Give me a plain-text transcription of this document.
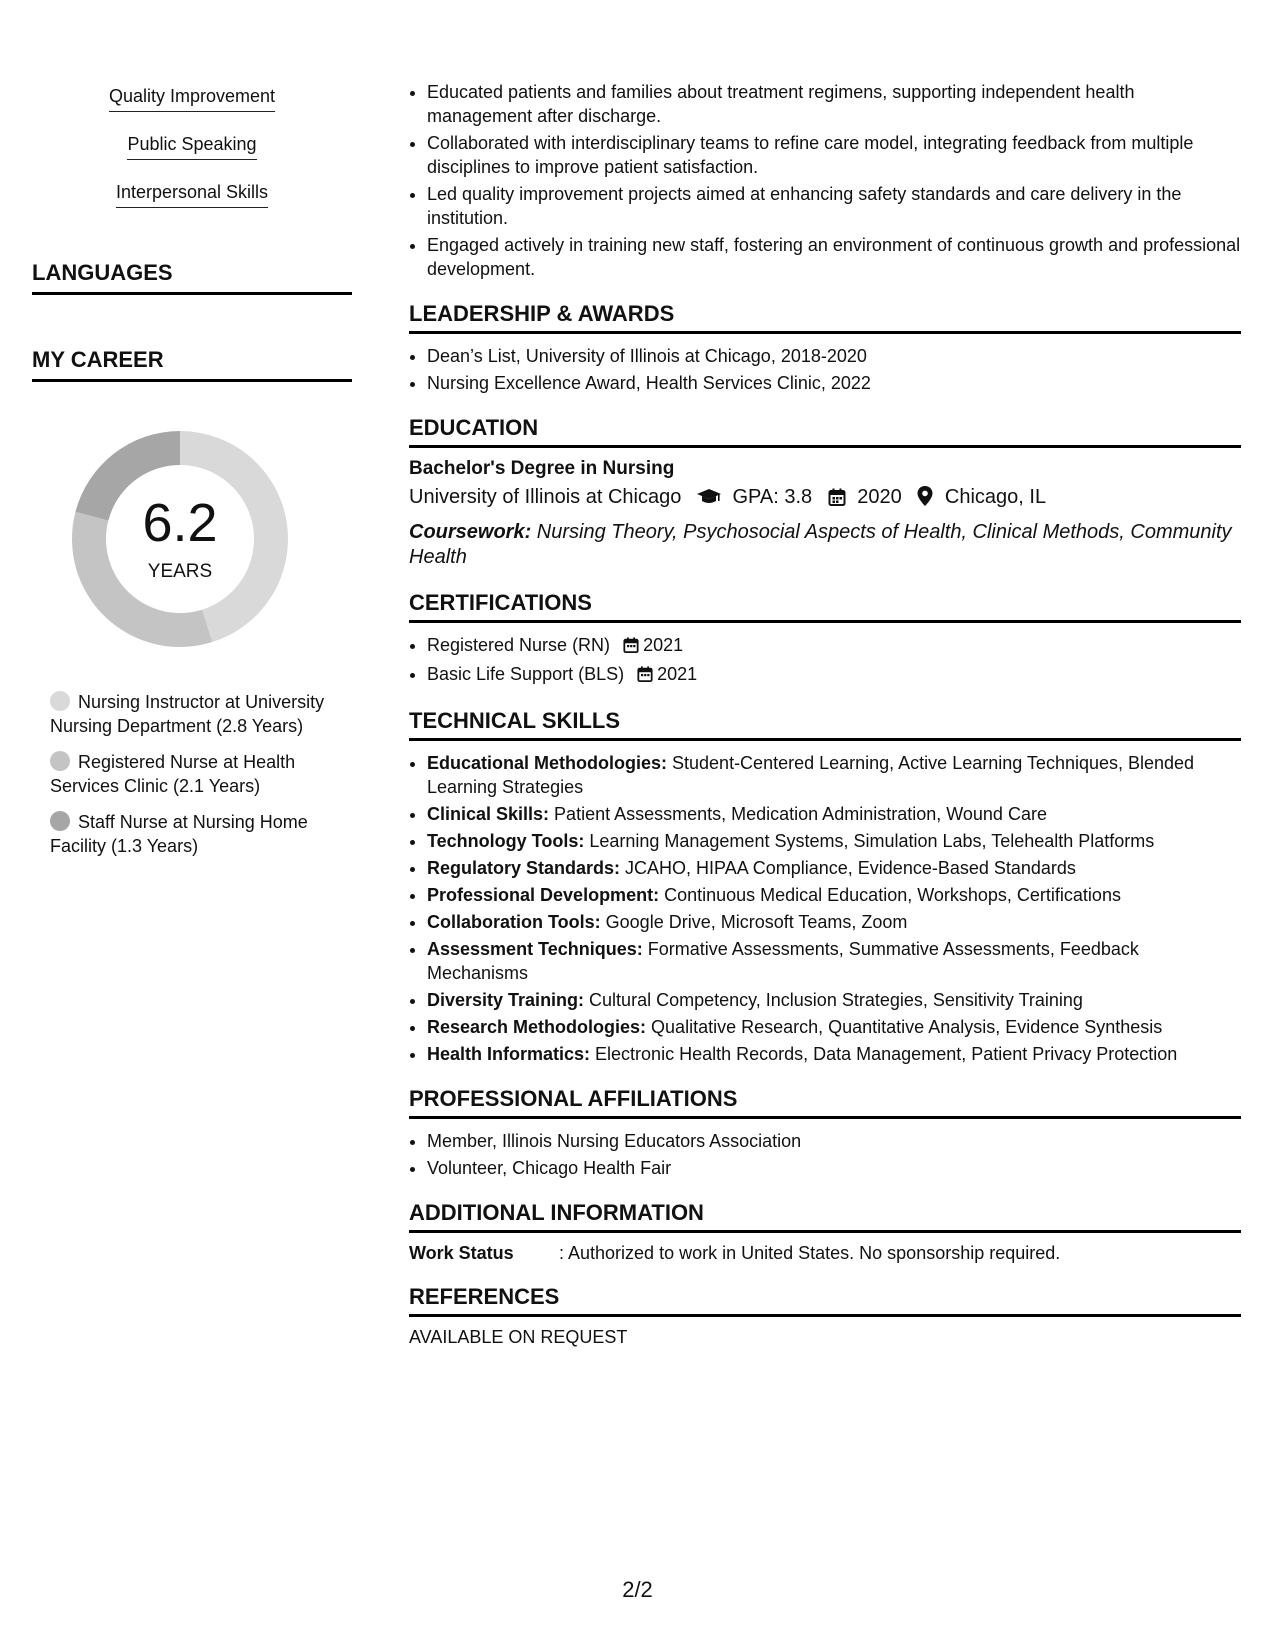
Quality Improvement
Public Speaking
Interpersonal Skills
LANGUAGES
MY CAREER
6.2
YEARS
Nursing Instructor at University Nursing Department (2.8 Years)
Registered Nurse at Health Services Clinic (2.1 Years)
Staff Nurse at Nursing Home Facility (1.3 Years)
• Educated patients and families about treatment regimens, supporting independent health management after discharge.
• Collaborated with interdisciplinary teams to refine care model, integrating feedback from multiple disciplines to improve patient satisfaction.
• Led quality improvement projects aimed at enhancing safety standards and care delivery in the institution.
• Engaged actively in training new staff, fostering an environment of continuous growth and professional development.
LEADERSHIP & AWARDS
• Dean’s List, University of Illinois at Chicago, 2018-2020
• Nursing Excellence Award, Health Services Clinic, 2022
EDUCATION
Bachelor's Degree in Nursing
University of Illinois at Chicago	GPA: 3.8 2020 Chicago, IL
Coursework: Nursing Theory, Psychosocial Aspects of Health, Clinical Methods, Community Health
CERTIFICATIONS
• Registered Nurse (RN) 2021
• Basic Life Support (BLS) 2021
TECHNICAL SKILLS
• Educational Methodologies: Student-Centered Learning, Active Learning Techniques, Blended Learning Strategies
• Clinical Skills: Patient Assessments, Medication Administration, Wound Care
• Technology Tools: Learning Management Systems, Simulation Labs, Telehealth Platforms
• Regulatory Standards: JCAHO, HIPAA Compliance, Evidence-Based Standards
• Professional Development: Continuous Medical Education, Workshops, Certifications
• Collaboration Tools: Google Drive, Microsoft Teams, Zoom
• Assessment Techniques: Formative Assessments, Summative Assessments, Feedback Mechanisms
• Diversity Training: Cultural Competency, Inclusion Strategies, Sensitivity Training
• Research Methodologies: Qualitative Research, Quantitative Analysis, Evidence Synthesis
• Health Informatics: Electronic Health Records, Data Management, Patient Privacy Protection
PROFESSIONAL AFFILIATIONS
• Member, Illinois Nursing Educators Association
• Volunteer, Chicago Health Fair
ADDITIONAL INFORMATION
Work Status	: Authorized to work in United States. No sponsorship required.
REFERENCES
AVAILABLE ON REQUEST
2/2
